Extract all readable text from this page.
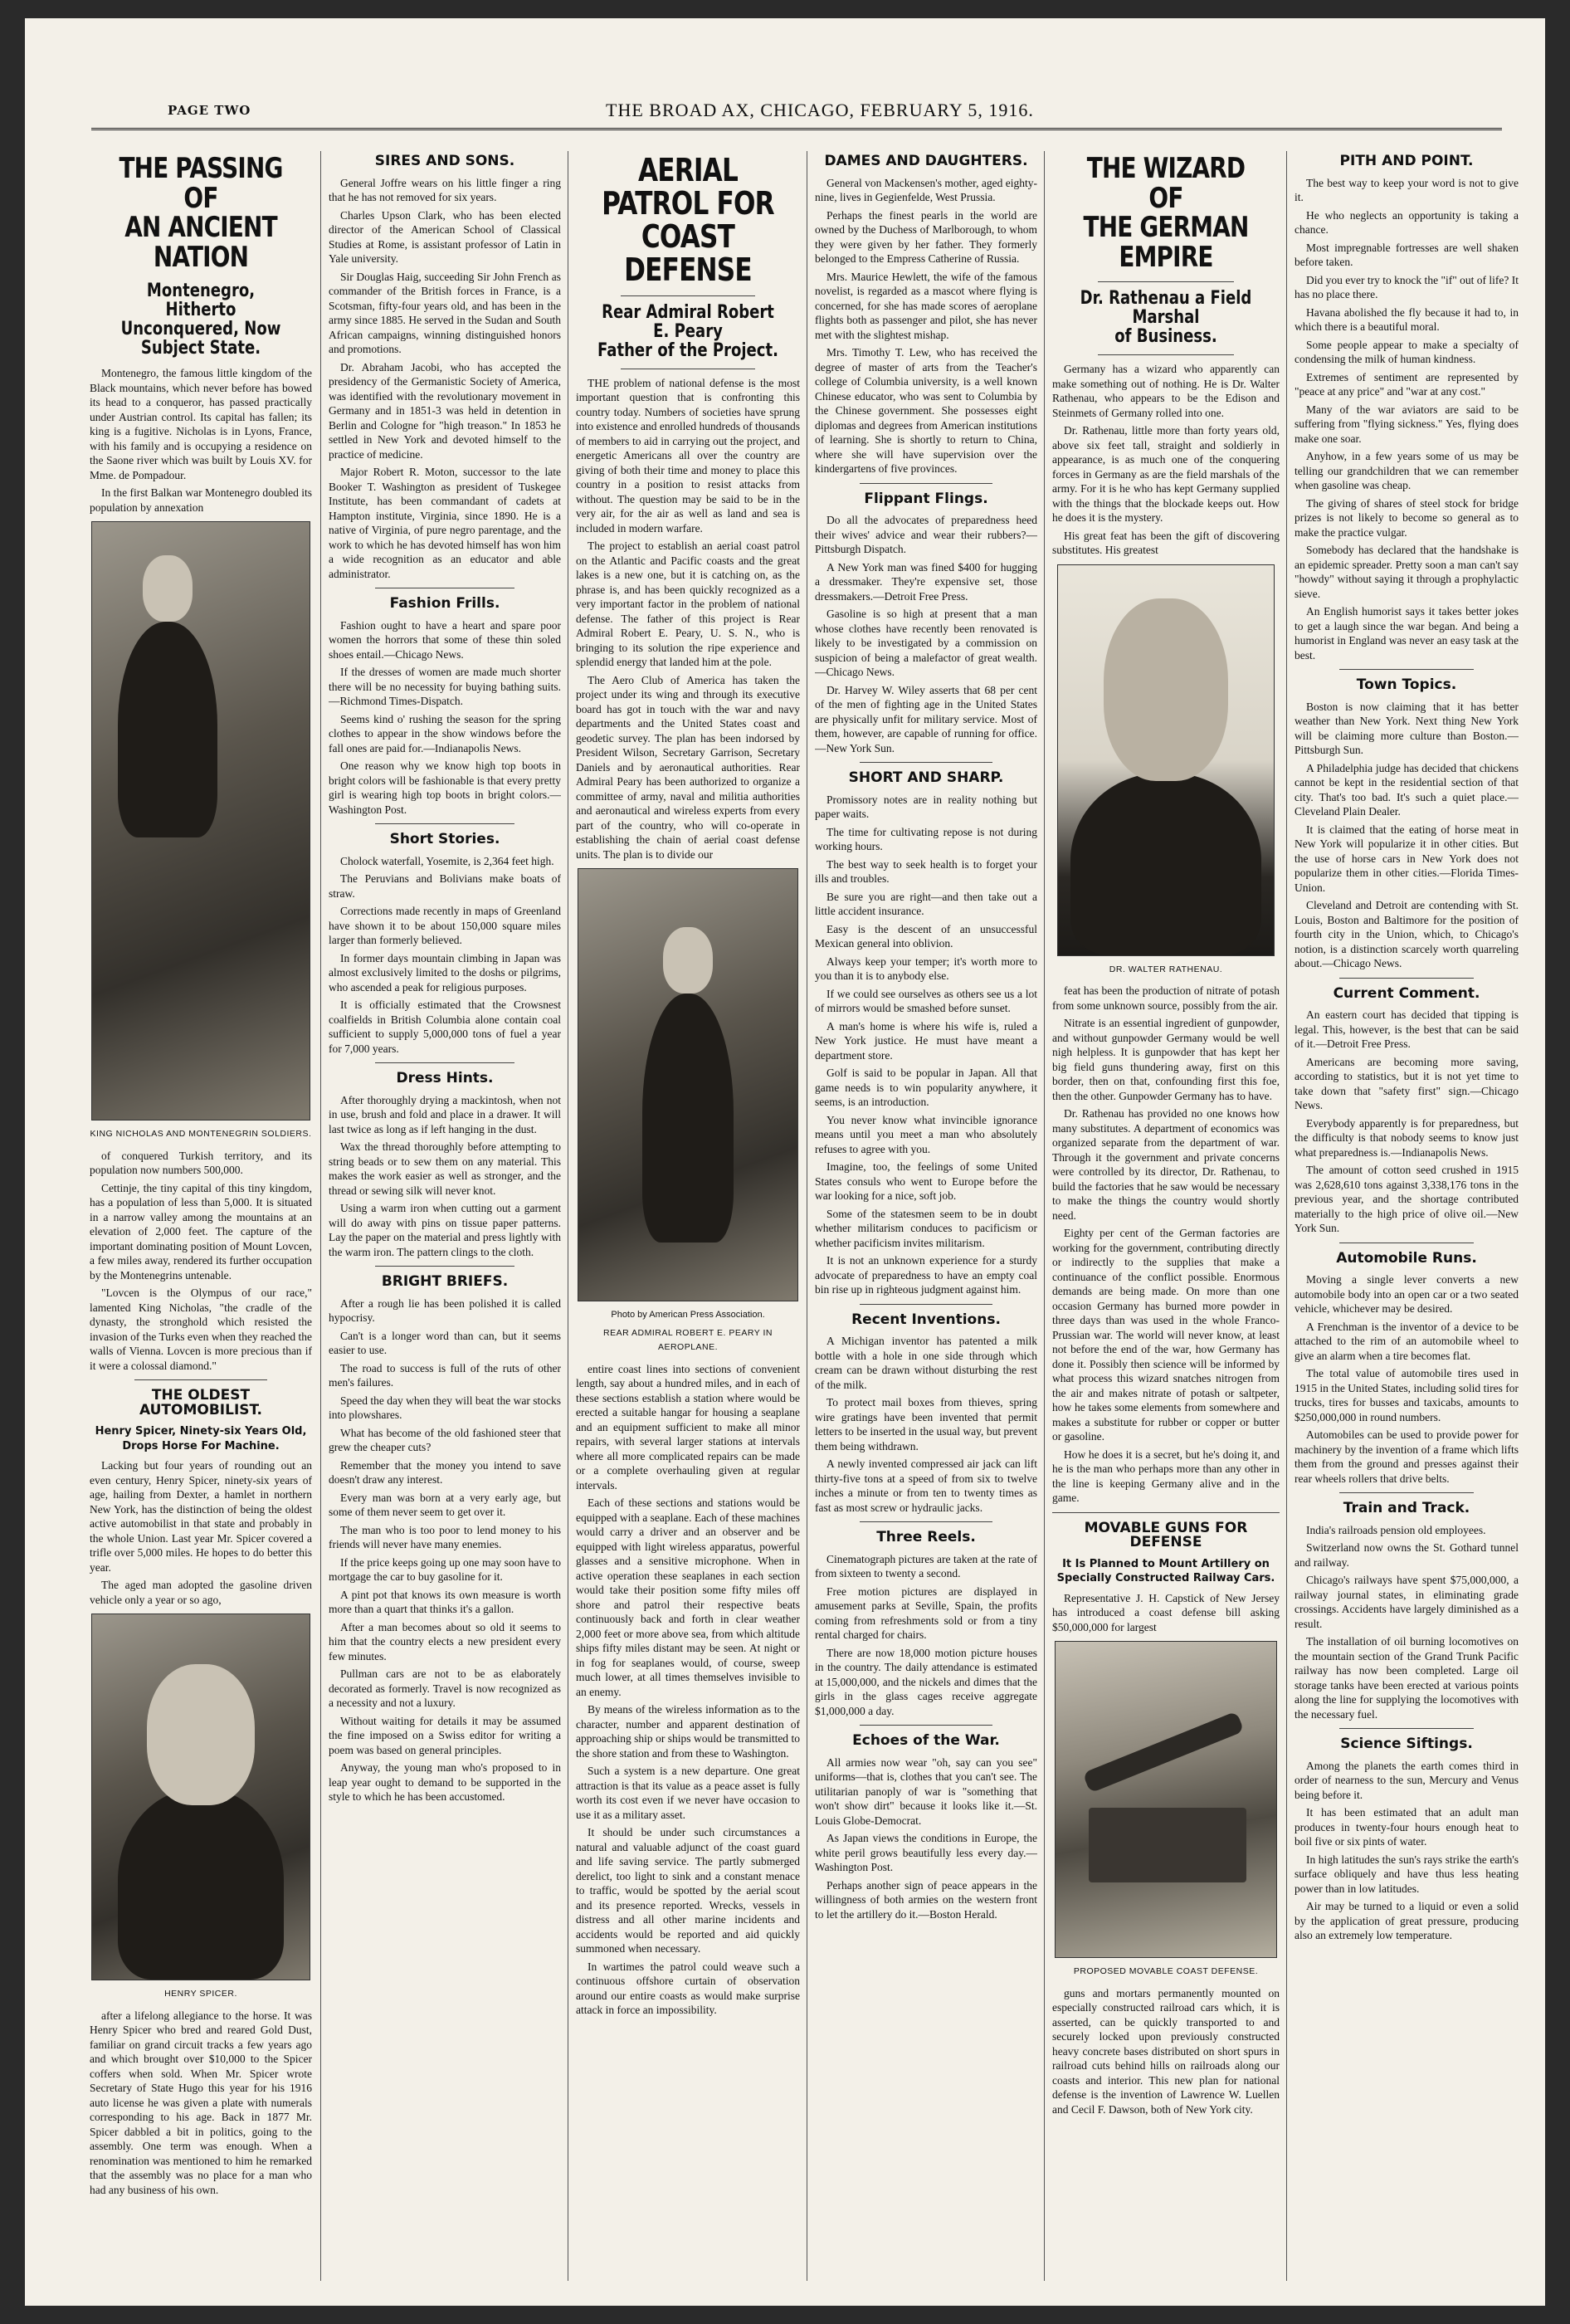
PAGE TWO	THE BROAD AX, CHICAGO, FEBRUARY 5, 1916.
THE PASSING OF
AN ANCIENT NATION
Montenegro, Hitherto Unconquered, Now Subject State.

Montenegro, the famous little kingdom of the Black mountains, which never before has bowed its head to a conqueror, has passed practically under Austrian control. Its capital has fallen; its king is a fugitive. Nicholas is in Lyons, France, with his family and is occupying a residence on the Saone river which was built by Louis XV. for Mme. de Pompadour.

In the first Balkan war Montenegro doubled its population by annexation

KING NICHOLAS AND MONTENEGRIN SOLDIERS.

of conquered Turkish territory, and its population now numbers 500,000.

Cettinje, the tiny capital of this tiny kingdom, has a population of less than 5,000. It is situated in a narrow valley among the mountains at an elevation of 2,000 feet. The capture of the important dominating position of Mount Lovcen, a few miles away, rendered its further occupation by the Montenegrins untenable.

"Lovcen is the Olympus of our race," lamented King Nicholas, "the cradle of the dynasty, the stronghold which resisted the invasion of the Turks even when they reached the walls of Vienna. Lovcen is more precious than if it were a colossal diamond."

THE OLDEST AUTOMOBILIST.
Henry Spicer, Ninety-six Years Old, Drops Horse For Machine.

Lacking but four years of rounding out an even century, Henry Spicer, ninety-six years of age, hailing from Dexter, a hamlet in northern New York, has the distinction of being the oldest active automobilist in that state and probably in the whole Union. Last year Mr. Spicer covered a trifle over 5,000 miles. He hopes to do better this year.

The aged man adopted the gasoline driven vehicle only a year or so ago,

HENRY SPICER.

after a lifelong allegiance to the horse. It was Henry Spicer who bred and reared Gold Dust, familiar on grand circuit tracks a few years ago and which brought over $10,000 to the Spicer coffers when sold. When Mr. Spicer wrote Secretary of State Hugo this year for his 1916 auto license he was given a plate with numerals corresponding to his age. Back in 1877 Mr. Spicer dabbled a bit in politics, going to the assembly. One term was enough. When a renomination was mentioned to him he remarked that the assembly was no place for a man who had any business of his own.

SIRES AND SONS.

General Joffre wears on his little finger a ring that he has not removed for six years.

Charles Upson Clark, who has been elected director of the American School of Classical Studies at Rome, is assistant professor of Latin in Yale university.

Sir Douglas Haig, succeeding Sir John French as commander of the British forces in France, is a Scotsman, fifty-four years old, and has been in the army since 1885. He served in the Sudan and South African campaigns, winning distinguished honors and promotions.

Dr. Abraham Jacobi, who has accepted the presidency of the Germanistic Society of America, was identified with the revolutionary movement in Germany and in 1851-3 was held in detention in Berlin and Cologne for "high treason." In 1853 he settled in New York and devoted himself to the practice of medicine.

Major Robert R. Moton, successor to the late Booker T. Washington as president of Tuskegee Institute, has been commandant of cadets at Hampton institute, Virginia, since 1890. He is a native of Virginia, of pure negro parentage, and the work to which he has devoted himself has won him a wide recognition as an educator and able administrator.

Fashion Frills.

Fashion ought to have a heart and spare poor women the horrors that some of these thin soled shoes entail.—Chicago News.

If the dresses of women are made much shorter there will be no necessity for buying bathing suits.—Richmond Times-Dispatch.

Seems kind o' rushing the season for the spring clothes to appear in the show windows before the fall ones are paid for.—Indianapolis News.

One reason why we know high top boots in bright colors will be fashionable is that every pretty girl is wearing high top boots in bright colors.—Washington Post.

Short Stories.

Cholock waterfall, Yosemite, is 2,364 feet high.

The Peruvians and Bolivians make boats of straw.

Corrections made recently in maps of Greenland have shown it to be about 150,000 square miles larger than formerly believed.

In former days mountain climbing in Japan was almost exclusively limited to the doshs or pilgrims, who ascended a peak for religious purposes.

It is officially estimated that the Crowsnest coalfields in British Columbia alone contain coal sufficient to supply 5,000,000 tons of fuel a year for 7,000 years.

Dress Hints.

After thoroughly drying a mackintosh, when not in use, brush and fold and place in a drawer. It will last twice as long as if left hanging in the dust.

Wax the thread thoroughly before attempting to string beads or to sew them on any material. This makes the work easier as well as stronger, and the thread or sewing silk will never knot.

Using a warm iron when cutting out a garment will do away with pins on tissue paper patterns. Lay the paper on the material and press lightly with the warm iron. The pattern clings to the cloth.

BRIGHT BRIEFS.

After a rough lie has been polished it is called hypocrisy.

Can't is a longer word than can, but it seems easier to use.

The road to success is full of the ruts of other men's failures.

Speed the day when they will beat the war stocks into plowshares.

What has become of the old fashioned steer that grew the cheaper cuts?

Remember that the money you intend to save doesn't draw any interest.

Every man was born at a very early age, but some of them never seem to get over it.

The man who is too poor to lend money to his friends will never have many enemies.

If the price keeps going up one may soon have to mortgage the car to buy gasoline for it.

A pint pot that knows its own measure is worth more than a quart that thinks it's a gallon.

After a man becomes about so old it seems to him that the country elects a new president every few minutes.

Pullman cars are not to be as elaborately decorated as formerly. Travel is now recognized as a necessity and not a luxury.

Without waiting for details it may be assumed the fine imposed on a Swiss editor for writing a poem was based on general principles.

Anyway, the young man who's proposed to in leap year ought to demand to be supported in the style to which he has been accustomed.

AERIAL PATROL FOR
COAST DEFENSE
Rear Admiral Robert E. Peary
Father of the Project.

THE problem of national defense is the most important question that is confronting this country today. Numbers of societies have sprung into existence and enrolled hundreds of thousands of members to aid in carrying out the project, and energetic Americans all over the country are giving of both their time and money to place this country in a position to resist attacks from without. The question may be said to be in the very air, for the air as well as land and sea is included in modern warfare.

The project to establish an aerial coast patrol on the Atlantic and Pacific coasts and the great lakes is a new one, but it is catching on, as the phrase is, and has been quickly recognized as a very important factor in the problem of national defense. The father of this project is Rear Admiral Robert E. Peary, U. S. N., who is bringing to its solution the ripe experience and splendid energy that landed him at the pole.

The Aero Club of America has taken the project under its wing and through its executive board has got in touch with the war and navy departments and the United States coast and geodetic survey. The plan has been indorsed by President Wilson, Secretary Garrison, Secretary Daniels and by aeronautical authorities. Rear Admiral Peary has been authorized to organize a committee of army, naval and militia authorities and aeronautical and wireless experts from every part of the country, who will co-operate in establishing the chain of aerial coast defense units. The plan is to divide our

Photo by American Press Association.
REAR ADMIRAL ROBERT E. PEARY IN AEROPLANE.

entire coast lines into sections of convenient length, say about a hundred miles, and in each of these sections establish a station where would be erected a suitable hangar for housing a seaplane and an equipment sufficient to make all minor repairs, with several larger stations at intervals where all more complicated repairs can be made or a complete overhauling given at regular intervals.

Each of these sections and stations would be equipped with a seaplane. Each of these machines would carry a driver and an observer and be equipped with light wireless apparatus, powerful glasses and a sensitive microphone. When in active operation these seaplanes in each section would take their position some fifty miles off shore and patrol their respective beats continuously back and forth in clear weather 2,000 feet or more above sea, from which altitude ships fifty miles distant may be seen. At night or in fog for seaplanes would, of course, sweep much lower, at all times themselves invisible to an enemy.

By means of the wireless information as to the character, number and apparent destination of approaching ship or ships would be transmitted to the shore station and from these to Washington.

Such a system is a new departure. One great attraction is that its value as a peace asset is fully worth its cost even if we never have occasion to use it as a military asset.

It should be under such circumstances a natural and valuable adjunct of the coast guard and life saving service. The partly submerged derelict, too light to sink and a constant menace to traffic, would be spotted by the aerial scout and its presence reported. Wrecks, vessels in distress and all other marine incidents and accidents would be reported and aid quickly summoned when necessary.

In wartimes the patrol could weave such a continuous offshore curtain of observation around our entire coasts as would make surprise attack in force an impossibility.

DAMES AND DAUGHTERS.

General von Mackensen's mother, aged eighty-nine, lives in Gegienfelde, West Prussia.

Perhaps the finest pearls in the world are owned by the Duchess of Marlborough, to whom they were given by her father. They formerly belonged to the Empress Catherine of Russia.

Mrs. Maurice Hewlett, the wife of the famous novelist, is regarded as a mascot where flying is concerned, for she has made scores of aeroplane flights both as passenger and pilot, she has never met with the slightest mishap.

Mrs. Timothy T. Lew, who has received the degree of master of arts from the Teacher's college of Columbia university, is a well known Chinese educator, who was sent to Columbia by the Chinese government. She possesses eight diplomas and degrees from American institutions of learning. She is shortly to return to China, where she will have supervision over the kindergartens of five provinces.

Flippant Flings.

Do all the advocates of preparedness heed their wives' advice and wear their rubbers?—Pittsburgh Dispatch.

A New York man was fined $400 for hugging a dressmaker. They're expensive set, those dressmakers.—Detroit Free Press.

Gasoline is so high at present that a man whose clothes have recently been renovated is likely to be investigated by a commission on suspicion of being a malefactor of great wealth.—Chicago News.

Dr. Harvey W. Wiley asserts that 68 per cent of the men of fighting age in the United States are physically unfit for military service. Most of them, however, are capable of running for office.—New York Sun.

SHORT AND SHARP.

Promissory notes are in reality nothing but paper waits.

The time for cultivating repose is not during working hours.

The best way to seek health is to forget your ills and troubles.

Be sure you are right—and then take out a little accident insurance.

Easy is the descent of an unsuccessful Mexican general into oblivion.

Always keep your temper; it's worth more to you than it is to anybody else.

If we could see ourselves as others see us a lot of mirrors would be smashed before sunset.

A man's home is where his wife is, ruled a New York justice. He must have meant a department store.

Golf is said to be popular in Japan. All that game needs is to win popularity anywhere, it seems, is an introduction.

You never know what invincible ignorance means until you meet a man who absolutely refuses to agree with you.

Imagine, too, the feelings of some United States consuls who went to Europe before the war looking for a nice, soft job.

Some of the statesmen seem to be in doubt whether militarism conduces to pacificism or whether pacificism invites militarism.

It is not an unknown experience for a sturdy advocate of preparedness to have an empty coal bin rise up in righteous judgment against him.

Recent Inventions.

A Michigan inventor has patented a milk bottle with a hole in one side through which cream can be drawn without disturbing the rest of the milk.

To protect mail boxes from thieves, spring wire gratings have been invented that permit letters to be inserted in the usual way, but prevent them being withdrawn.

A newly invented compressed air jack can lift thirty-five tons at a speed of from six to twelve inches a minute or from ten to twenty times as fast as most screw or hydraulic jacks.

Three Reels.

Cinematograph pictures are taken at the rate of from sixteen to twenty a second.

Free motion pictures are displayed in amusement parks at Seville, Spain, the profits coming from refreshments sold or from a tiny rental charged for chairs.

There are now 18,000 motion picture houses in the country. The daily attendance is estimated at 15,000,000, and the nickels and dimes that the girls in the glass cages receive aggregate $1,000,000 a day.

Echoes of the War.

All armies now wear "oh, say can you see" uniforms—that is, clothes that you can't see. The utilitarian panoply of war is "something that won't show dirt" because it looks like it.—St. Louis Globe-Democrat.

As Japan views the conditions in Europe, the white peril grows beautifully less every day.—Washington Post.

Perhaps another sign of peace appears in the willingness of both armies on the western front to let the artillery do it.—Boston Herald.

THE WIZARD OF
THE GERMAN EMPIRE
Dr. Rathenau a Field Marshal
of Business.

Germany has a wizard who apparently can make something out of nothing. He is Dr. Walter Rathenau, who appears to be the Edison and Steinmets of Germany rolled into one.

Dr. Rathenau, little more than forty years old, above six feet tall, straight and soldierly in appearance, is as much one of the conquering forces in Germany as are the field marshals of the army. For it is he who has kept Germany supplied with the things that the blockade keeps out. How he does it is the mystery.

His great feat has been the gift of discovering substitutes. His greatest

DR. WALTER RATHENAU.

feat has been the production of nitrate of potash from some unknown source, possibly from the air.

Nitrate is an essential ingredient of gunpowder, and without gunpowder Germany would be well nigh helpless. It is gunpowder that has kept her big field guns thundering away, first on this border, then on that, confounding first this foe, then the other. Gunpowder Germany has to have.

Dr. Rathenau has provided no one knows how many substitutes. A department of economics was organized separate from the department of war. Through it the government and private concerns were controlled by its director, Dr. Rathenau, to build the factories that he saw would be necessary to make the things the country would shortly need.

Eighty per cent of the German factories are working for the government, contributing directly or indirectly to the supplies that make a continuance of the conflict possible. Enormous demands are being made. On more than one occasion Germany has burned more powder in three days than was used in the whole Franco-Prussian war. The world will never know, at least not before the end of the war, how Germany has done it. Possibly then science will be informed by what process this wizard snatches nitrogen from the air and makes nitrate of potash or saltpeter, how he takes some elements from somewhere and makes a substitute for rubber or copper or butter or gasoline.

How he does it is a secret, but he's doing it, and he is the man who perhaps more than any other in the line is keeping Germany alive and in the game.

MOVABLE GUNS FOR DEFENSE
It Is Planned to Mount Artillery on Specially Constructed Railway Cars.

Representative J. H. Capstick of New Jersey has introduced a coast defense bill asking $50,000,000 for largest

PROPOSED MOVABLE COAST DEFENSE.

guns and mortars permanently mounted on especially constructed railroad cars which, it is asserted, can be quickly transported to and securely locked upon previously constructed heavy concrete bases distributed on short spurs in railroad cuts behind hills on railroads along our coasts and interior. This new plan for national defense is the invention of Lawrence W. Luellen and Cecil F. Dawson, both of New York city.

PITH AND POINT.

The best way to keep your word is not to give it.

He who neglects an opportunity is taking a chance.

Most impregnable fortresses are well shaken before taken.

Did you ever try to knock the "if" out of life? It has no place there.

Havana abolished the fly because it had to, in which there is a beautiful moral.

Some people appear to make a specialty of condensing the milk of human kindness.

Extremes of sentiment are represented by "peace at any price" and "war at any cost."

Many of the war aviators are said to be suffering from "flying sickness." Yes, flying does make one soar.

Anyhow, in a few years some of us may be telling our grandchildren that we can remember when gasoline was cheap.

The giving of shares of steel stock for bridge prizes is not likely to become so general as to make the practice vulgar.

Somebody has declared that the handshake is an epidemic spreader. Pretty soon a man can't say "howdy" without saying it through a prophylactic sieve.

An English humorist says it takes better jokes to get a laugh since the war began. And being a humorist in England was never an easy task at the best.

Town Topics.

Boston is now claiming that it has better weather than New York. Next thing New York will be claiming more culture than Boston.—Pittsburgh Sun.

A Philadelphia judge has decided that chickens cannot be kept in the residential section of that city. That's too bad. It's such a quiet place.—Cleveland Plain Dealer.

It is claimed that the eating of horse meat in New York will popularize it in other cities. But the use of horse cars in New York does not popularize them in other cities.—Florida Times-Union.

Cleveland and Detroit are contending with St. Louis, Boston and Baltimore for the position of fourth city in the Union, which, to Chicago's notion, is a distinction scarcely worth quarreling about.—Chicago News.

Current Comment.

An eastern court has decided that tipping is legal. This, however, is the best that can be said of it.—Detroit Free Press.

Americans are becoming more saving, according to statistics, but it is not yet time to take down that "safety first" sign.—Chicago News.

Everybody apparently is for preparedness, but the difficulty is that nobody seems to know just what preparedness is.—Indianapolis News.

The amount of cotton seed crushed in 1915 was 2,628,610 tons against 3,338,176 tons in the previous year, and the shortage contributed materially to the high price of olive oil.—New York Sun.

Automobile Runs.

Moving a single lever converts a new automobile body into an open car or a two seated vehicle, whichever may be desired.

A Frenchman is the inventor of a device to be attached to the rim of an automobile wheel to give an alarm when a tire becomes flat.

The total value of automobile tires used in 1915 in the United States, including solid tires for trucks, tires for busses and taxicabs, amounts to $250,000,000 in round numbers.

Automobiles can be used to provide power for machinery by the invention of a frame which lifts them from the ground and presses against their rear wheels rollers that drive belts.

Train and Track.

India's railroads pension old employees.

Switzerland now owns the St. Gothard tunnel and railway.

Chicago's railways have spent $75,000,000, a railway journal states, in eliminating grade crossings. Accidents have largely diminished as a result.

The installation of oil burning locomotives on the mountain section of the Grand Trunk Pacific railway has now been completed. Large oil storage tanks have been erected at various points along the line for supplying the locomotives with the necessary fuel.

Science Siftings.

Among the planets the earth comes third in order of nearness to the sun, Mercury and Venus being before it.

It has been estimated that an adult man produces in twenty-four hours enough heat to boil five or six pints of water.

In high latitudes the sun's rays strike the earth's surface obliquely and have thus less heating power than in low latitudes.

Air may be turned to a liquid or even a solid by the application of great pressure, producing also an extremely low temperature.
